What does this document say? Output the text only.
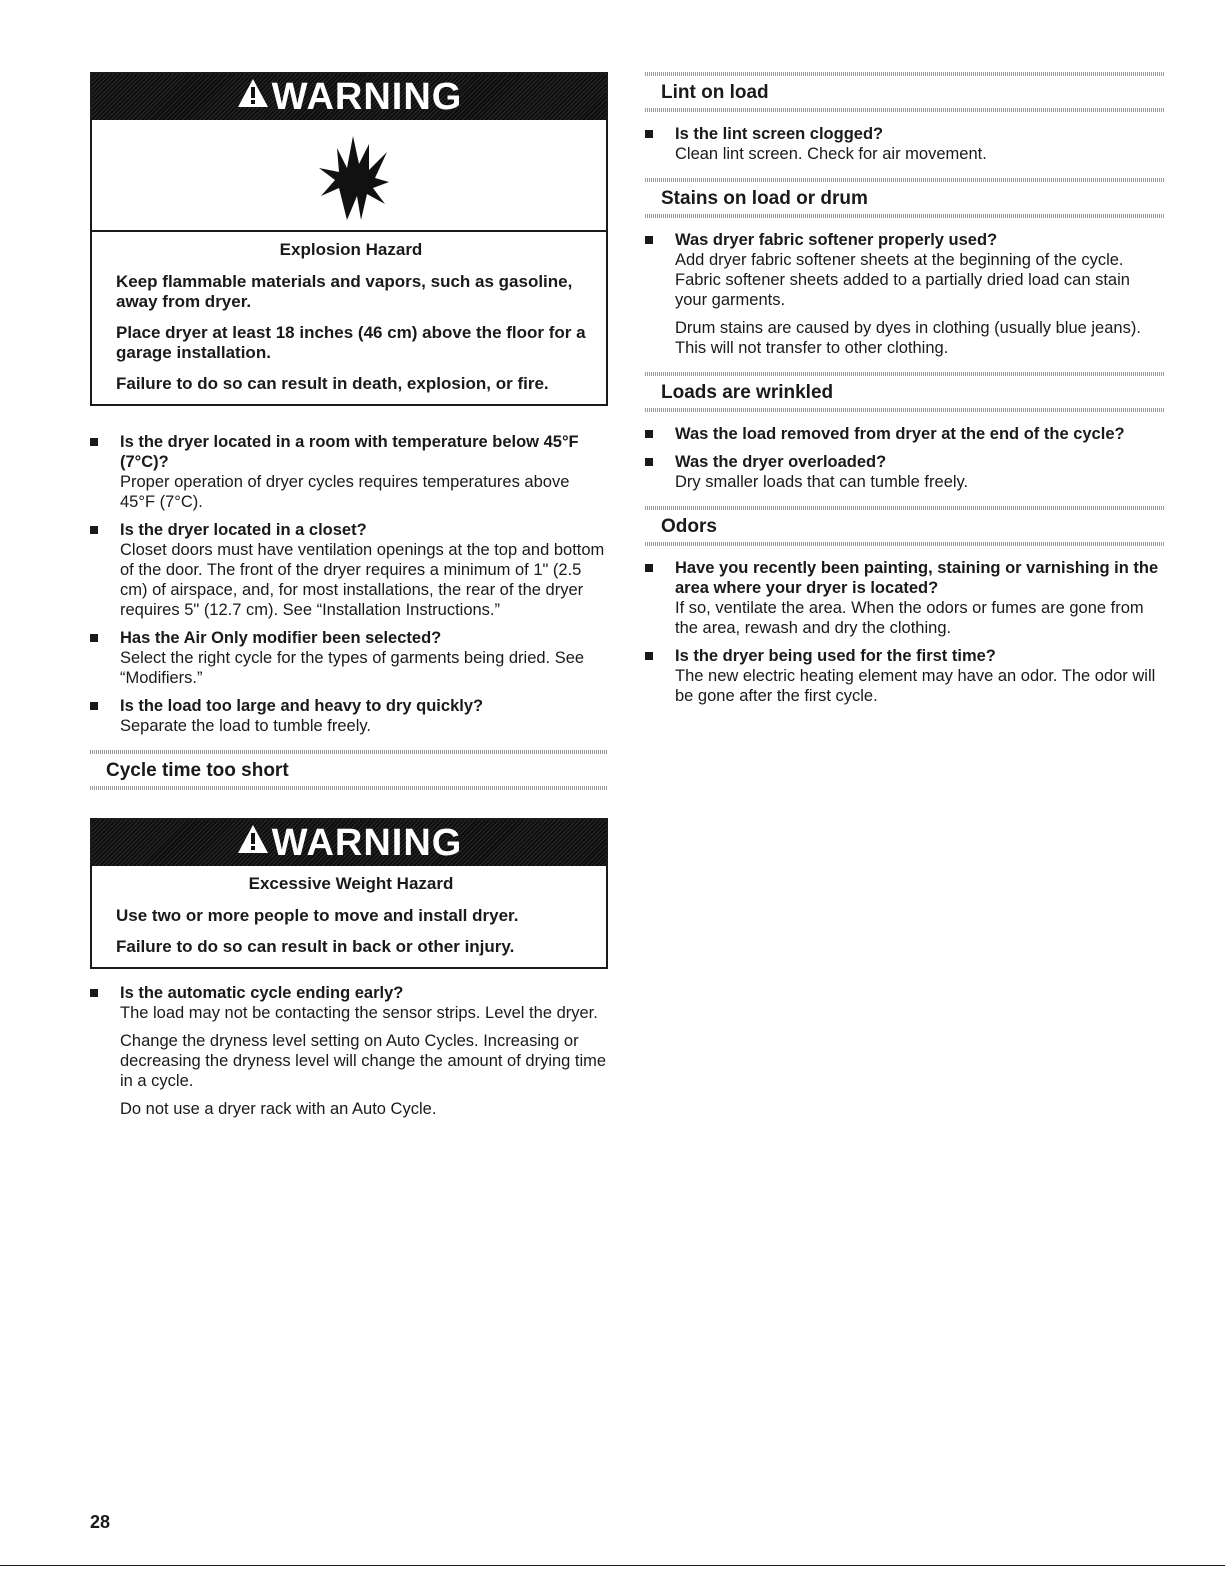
WARNING
Explosion Hazard

Keep flammable materials and vapors, such as gasoline, away from dryer.

Place dryer at least 18 inches (46 cm) above the floor for a garage installation.

Failure to do so can result in death, explosion, or fire.

Is the dryer located in a room with temperature below 45°F (7°C)?
Proper operation of dryer cycles requires temperatures above 45°F (7°C).
Is the dryer located in a closet?
Closet doors must have ventilation openings at the top and bottom of the door. The front of the dryer requires a minimum of 1" (2.5 cm) of airspace, and, for most installations, the rear of the dryer requires 5" (12.7 cm). See “Installation Instructions.”
Has the Air Only modifier been selected?
Select the right cycle for the types of garments being dried. See “Modifiers.”
Is the load too large and heavy to dry quickly?
Separate the load to tumble freely.
Cycle time too short
WARNING
Excessive Weight Hazard

Use two or more people to move and install dryer.

Failure to do so can result in back or other injury.

Is the automatic cycle ending early?
The load may not be contacting the sensor strips. Level the dryer.
Change the dryness level setting on Auto Cycles. Increasing or decreasing the dryness level will change the amount of drying time in a cycle.
Do not use a dryer rack with an Auto Cycle.
Lint on load
Is the lint screen clogged?
Clean lint screen. Check for air movement.
Stains on load or drum
Was dryer fabric softener properly used?
Add dryer fabric softener sheets at the beginning of the cycle. Fabric softener sheets added to a partially dried load can stain your garments.
Drum stains are caused by dyes in clothing (usually blue jeans). This will not transfer to other clothing.
Loads are wrinkled
Was the load removed from dryer at the end of the cycle?
Was the dryer overloaded?
Dry smaller loads that can tumble freely.
Odors
Have you recently been painting, staining or varnishing in the area where your dryer is located?
If so, ventilate the area. When the odors or fumes are gone from the area, rewash and dry the clothing.
Is the dryer being used for the first time?
The new electric heating element may have an odor. The odor will be gone after the first cycle.
28
